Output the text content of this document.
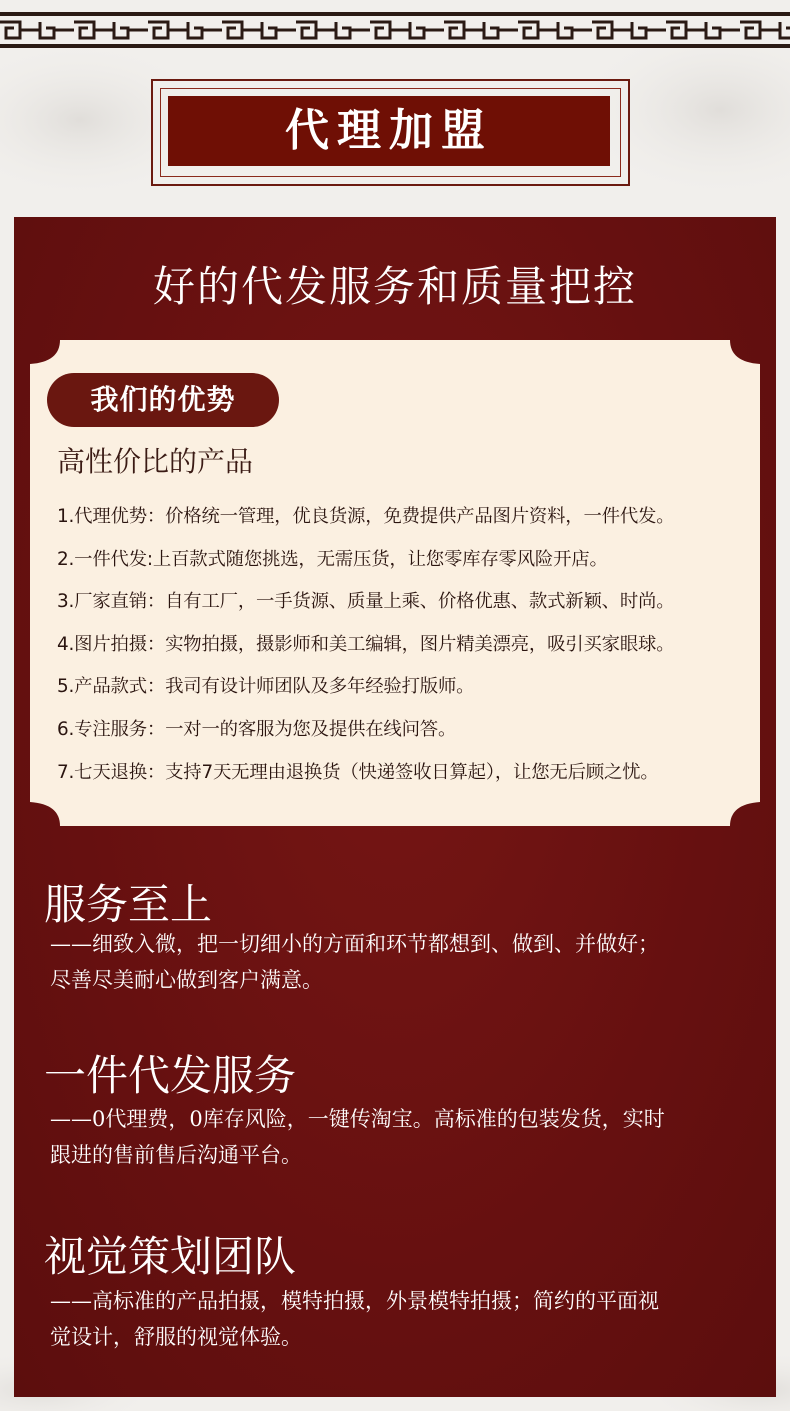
代理加盟
好的代发服务和质量把控
我们的优势
高性价比的产品
1.代理优势：价格统一管理，优良货源，免费提供产品图片资料，一件代发。
2.一件代发:上百款式随您挑选，无需压货，让您零库存零风险开店。
3.厂家直销：自有工厂，一手货源、质量上乘、价格优惠、款式新颖、时尚。
4.图片拍摄：实物拍摄，摄影师和美工编辑，图片精美漂亮，吸引买家眼球。
5.产品款式：我司有设计师团队及多年经验打版师。
6.专注服务：一对一的客服为您及提供在线问答。
7.七天退换：支持7天无理由退换货（快递签收日算起），让您无后顾之忧。
服务至上
——细致入微，把一切细小的方面和环节都想到、做到、并做好；
尽善尽美耐心做到客户满意。
一件代发服务
——0代理费，0库存风险，一键传淘宝。高标准的包装发货，实时
跟进的售前售后沟通平台。
视觉策划团队
——高标准的产品拍摄，模特拍摄，外景模特拍摄；简约的平面视
觉设计，舒服的视觉体验。
